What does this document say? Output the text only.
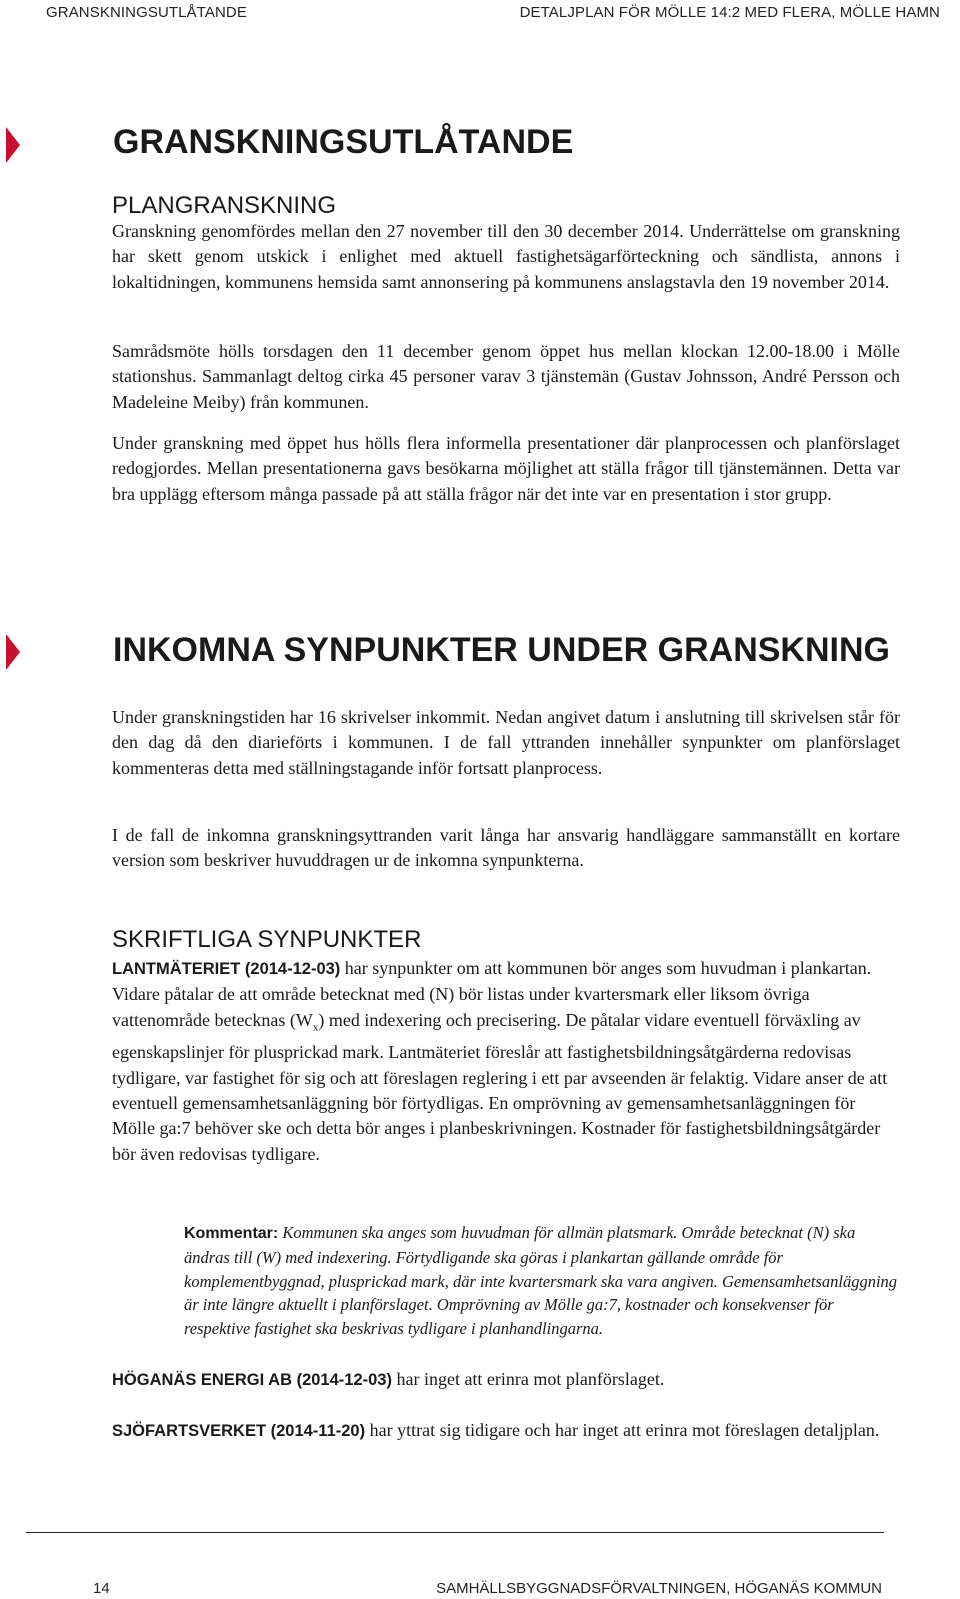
GRANSKNINGSUTLÅTANDE	DETALJPLAN FÖR MÖLLE 14:2 MED FLERA, MÖLLE HAMN
GRANSKNINGSUTLÅTANDE
PLANGRANSKNING

Granskning genomfördes mellan den 27 november till den 30 december 2014. Underrättelse om granskning har skett genom utskick i enlighet med aktuell fastighetsägarförteckning och sändlista, annons i lokaltidningen, kommunens hemsida samt annonsering på kommunens anslagstavla den 19 november 2014.

Samrådsmöte hölls torsdagen den 11 december genom öppet hus mellan klockan 12.00-18.00 i Mölle stationshus. Sammanlagt deltog cirka 45 personer varav 3 tjänstemän (Gustav Johnsson, André Persson och Madeleine Meiby) från kommunen.

Under granskning med öppet hus hölls flera informella presentationer där planprocessen och planförslaget redogjordes. Mellan presentationerna gavs besökarna möjlighet att ställa frågor till tjänstemännen. Detta var bra upplägg eftersom många passade på att ställa frågor när det inte var en presentation i stor grupp.

INKOMNA SYNPUNKTER UNDER GRANSKNING

Under granskningstiden har 16 skrivelser inkommit. Nedan angivet datum i anslutning till skrivelsen står för den dag då den diarieförts i kommunen. I de fall yttranden innehåller synpunkter om planförslaget kommenteras detta med ställningstagande inför fortsatt planprocess.

I de fall de inkomna granskningsyttranden varit långa har ansvarig handläggare sammanställt en kortare version som beskriver huvuddragen ur de inkomna synpunkterna.

SKRIFTLIGA SYNPUNKTER

LANTMÄTERIET (2014-12-03) har synpunkter om att kommunen bör anges som huvudman i plankartan. Vidare påtalar de att område betecknat med (N) bör listas under kvartersmark eller liksom övriga vattenområde betecknas $(W_x)$ med indexering och precisering. De påtalar vidare eventuell förväxling av egenskapslinjer för plusprickad mark. Lantmäteriet föreslår att fastighetsbildningsåtgärderna redovisas tydligare, var fastighet för sig och att föreslagen reglering i ett par avseenden är felaktig. Vidare anser de att eventuell gemensamhetsanläggning bör förtydligas. En omprövning av gemensamhetsanläggningen för Mölle ga:7 behöver ske och detta bör anges i planbeskrivningen. Kostnader för fastighetsbildningsåtgärder bör även redovisas tydligare.

Kommentar: Kommunen ska anges som huvudman för allmän platsmark. Område betecknat (N) ska ändras till (W) med indexering. Förtydligande ska göras i plankartan gällande område för komplementbyggnad, plusprickad mark, där inte kvartersmark ska vara angiven. Gemensamhetsanläggning är inte längre aktuellt i planförslaget. Omprövning av Mölle ga:7, kostnader och konsekvenser för respektive fastighet ska beskrivas tydligare i planhandlingarna.

HÖGANÄS ENERGI AB (2014-12-03) har inget att erinra mot planförslaget.

SJÖFARTSVERKET (2014-11-20) har yttrat sig tidigare och har inget att erinra mot föreslagen detaljplan.

14	SAMHÄLLSBYGGNADSFÖRVALTNINGEN, HÖGANÄS KOMMUN
